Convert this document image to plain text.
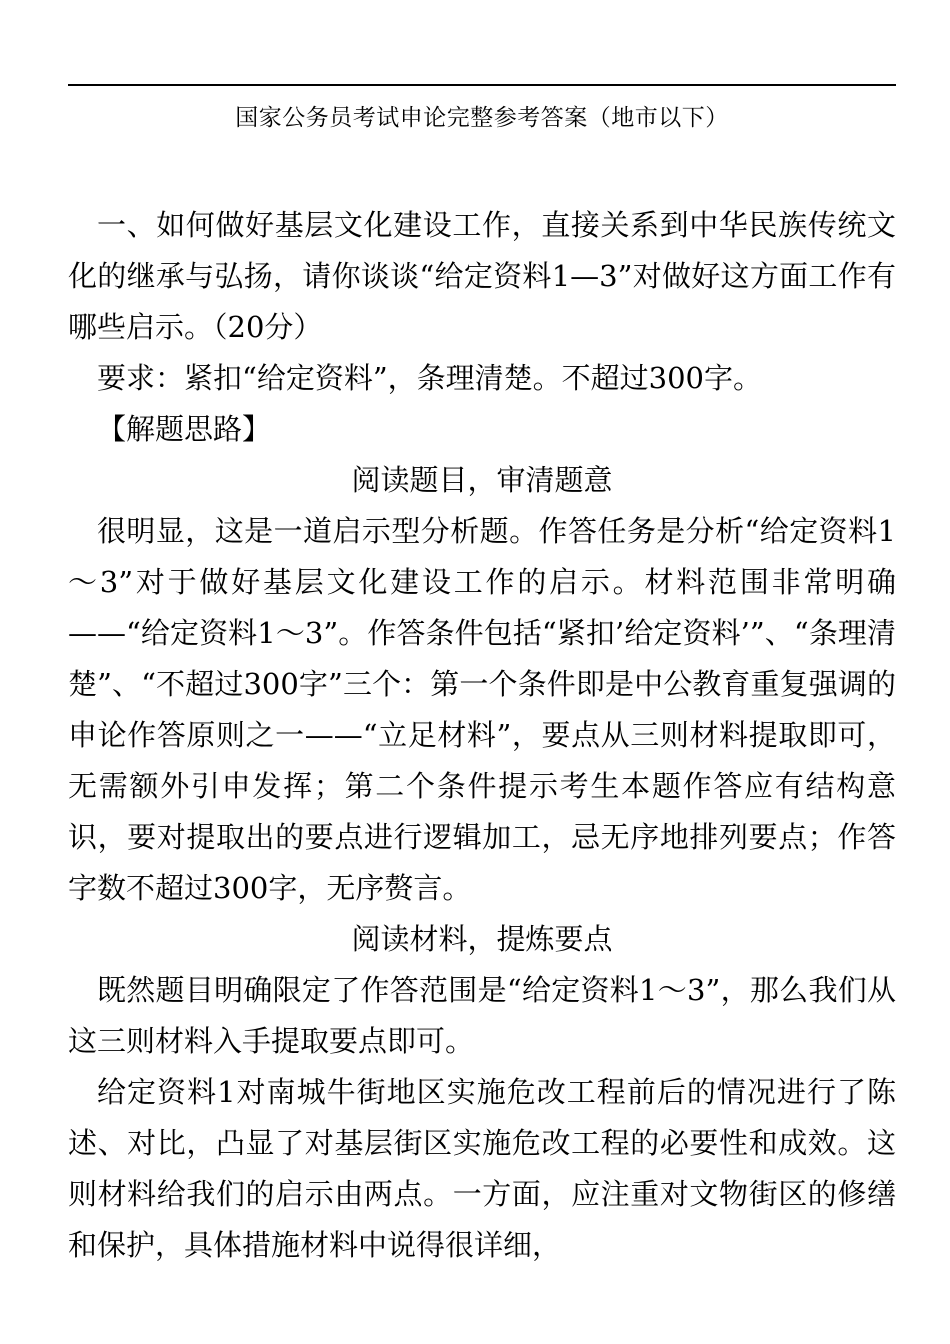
国家公务员考试申论完整参考答案（地市以下）

一、如何做好基层文化建设工作，直接关系到中华民族传统文化的继承与弘扬，请你谈谈“给定资料1—3”对做好这方面工作有哪些启示。（20分）

要求：紧扣“给定资料”，条理清楚。不超过300字。

【解题思路】

阅读题目，审清题意

很明显，这是一道启示型分析题。作答任务是分析“给定资料1～3”对于做好基层文化建设工作的启示。材料范围非常明确——“给定资料1～3”。作答条件包括“紧扣’给定资料’”、“条理清楚”、“不超过300字”三个：第一个条件即是中公教育重复强调的申论作答原则之一——“立足材料”，要点从三则材料提取即可，无需额外引申发挥；第二个条件提示考生本题作答应有结构意识，要对提取出的要点进行逻辑加工，忌无序地排列要点；作答字数不超过300字，无序赘言。

阅读材料，提炼要点

既然题目明确限定了作答范围是“给定资料1～3”，那么我们从这三则材料入手提取要点即可。

给定资料1对南城牛街地区实施危改工程前后的情况进行了陈述、对比，凸显了对基层街区实施危改工程的必要性和成效。这则材料给我们的启示由两点。一方面，应注重对文物街区的修缮和保护，具体措施材料中说得很详细，
